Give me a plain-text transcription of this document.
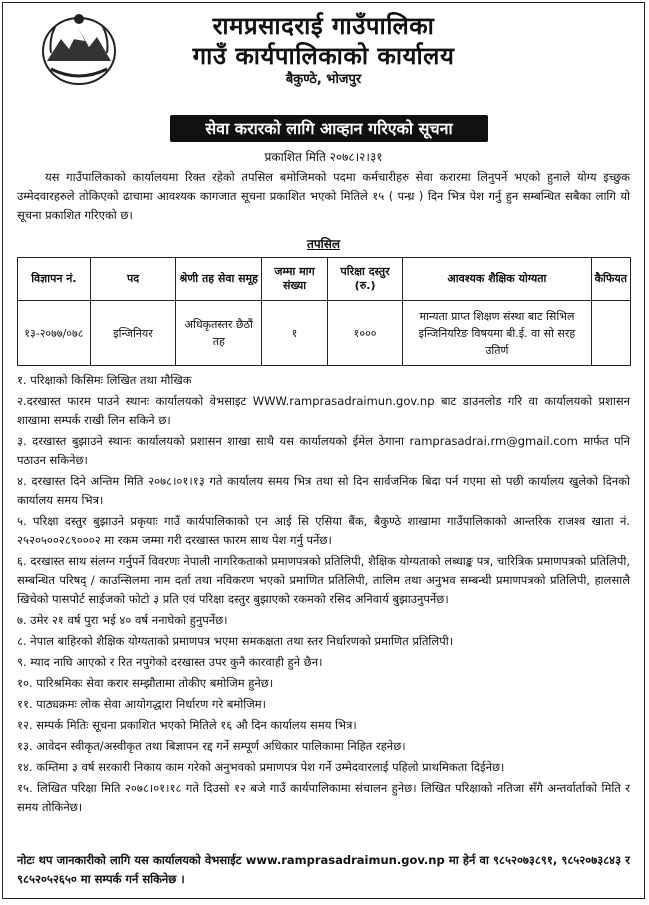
रामप्रसादराई गाउँपालिका
गाउँ कार्यपालिकाको कार्यालय
बैकुण्ठे, भोजपुर
सेवा करारको लागि आव्हान गरिएको सूचना
प्रकाशित मिति २०७८।२।३१
यस गाउँपालिकाको कार्यालयमा रिक्त रहेको तपसिल बमोजिमको पदमा कर्मचारीहरु सेवा करारमा लिनुपर्ने भएको हुनाले योग्य इच्छुक उम्मेदवारहरुले तोकिएको ढाचामा आवश्यक कागजात सूचना प्रकाशित भएको मितिले १५ ( पन्ध्र ) दिन भित्र पेश गर्नु हुन सम्बन्धित सबैका लागि यो सूचना प्रकाशित गरिएको छ।
तपसिल
विज्ञापन नं.	पद	श्रेणी तह सेवा समूह	जम्मा माग संख्या	परिक्षा दस्तुर (रु.)	आवश्यक शैक्षिक योग्यता	कैफियत
१३-२०७७/०७८	इन्जिनियर	अधिकृतस्तर छैठौं तह	१	१०००	मान्यता प्राप्त शिक्षण संस्था बाट सिभिल इन्जिनियरिङ विषयमा बी.ई. वा सो सरह उतिर्ण	
१. परिक्षाको किसिमः लिखित तथा मौखिक
२.दरखास्त फारम पाउने स्थानः कार्यालयको वेभसाइट WWW.ramprasadraimun.gov.np बाट डाउनलोड गरि वा कार्यालयको प्रशासन शाखामा सम्पर्क राखी लिन सकिने छ।
३. दरखास्त बुझाउने स्थानः कार्यालयको प्रशासन शाखा साथै यस कार्यालयको ईमेल ठेगाना ramprasadrai.rm@gmail.com मार्फत पनि पठाउन सकिनेछ।
४. दरखास्त दिने अन्तिम मिति २०७८।०१।१३ गते कार्यालय समय भित्र तथा सो दिन सार्वजनिक बिदा पर्न गएमा सो पछी कार्यालय खुलेको दिनको कार्यालय समय भित्र।
५. परिक्षा दस्तुर बुझाउने प्रकृयाः गाउँ कार्यपालिकाको एन आई सि एसिया बैंक, बैकुण्ठे शाखामा गाउँपालिकाको आन्तरिक राजश्व खाता नं. २५२०५००२८९०००२ मा रकम जम्मा गरी दरखास्त फारम साथ पेश गर्नु पर्नेछ।
६. दरखास्त साथ संलग्न गर्नुपर्ने विवरणः नेपाली नागरिकताको प्रमाणपत्रको प्रतिलिपी, शैक्षिक योग्यताको लब्धाङ्क पत्र, चारित्रिक प्रमाणपत्रको प्रतिलिपी, सम्बन्धित परिषद् / काउन्सिलमा नाम दर्ता तथा नविकरण भएको प्रमाणित प्रतिलिपी, तालिम तथा अनुभव सम्बन्धी प्रमाणपत्रको प्रतिलिपी, हालसालै खिचेको पासपोर्ट साईजको फोटो ३ प्रति एवं परिक्षा दस्तुर बुझाएको रकमको रसिद अनिवार्य बुझाउनुपर्नेछ।
७. उमेर २१ वर्ष पुरा भई ४० वर्ष ननाघेको हुनुपर्नेछ।
८. नेपाल बाहिरको शैक्षिक योग्यताको प्रमाणपत्र भएमा समकक्षता तथा स्तर निर्धारणको प्रमाणित प्रतिलिपी।
९. म्याद नाघि आएको र रित नपुगेको दरखास्त उपर कुनै कारवाही हुने छैन।
१०. पारिश्रमिकः सेवा करार सम्झौतामा तोकीए बमोजिम हुनेछ।
११. पाठ्यक्रमः लोक सेवा आयोगद्धारा निर्धारण गरे बमोजिम।
१२. सम्पर्क मितिः सूचना प्रकाशित भएको मितिले १६ औ दिन कार्यालय समय भित्र।
१३. आवेदन स्वीकृत/अस्वीकृत तथा बिज्ञापन रद्द गर्ने सम्पूर्ण अधिकार पालिकामा निहित रहनेछ।
१४. कम्तिमा ३ वर्ष सरकारी निकाय काम गरेको अनुभवको प्रमाणपत्र पेश गर्ने उम्मेदवारलाई पहिलो प्राथमिकता दिईनेछ।
१५. लिखित परिक्षा मिति २०७८।०१।१८ गते दिउसो १२ बजे गाउँ कार्यपालिकामा संचालन हुनेछ। लिखित परिक्षाको नतिजा सँगै अन्तर्वार्ताको मिति र समय तोकिनेछ।
नोटः थप जानकारीको लागि यस कार्यालयको वेभसाईट www.ramprasadraimun.gov.np मा हेर्न वा ९८५२०७३८९१, ९८५२०७३८४३ र ९८५२०५२६५० मा सम्पर्क गर्न सकिनेछ ।
